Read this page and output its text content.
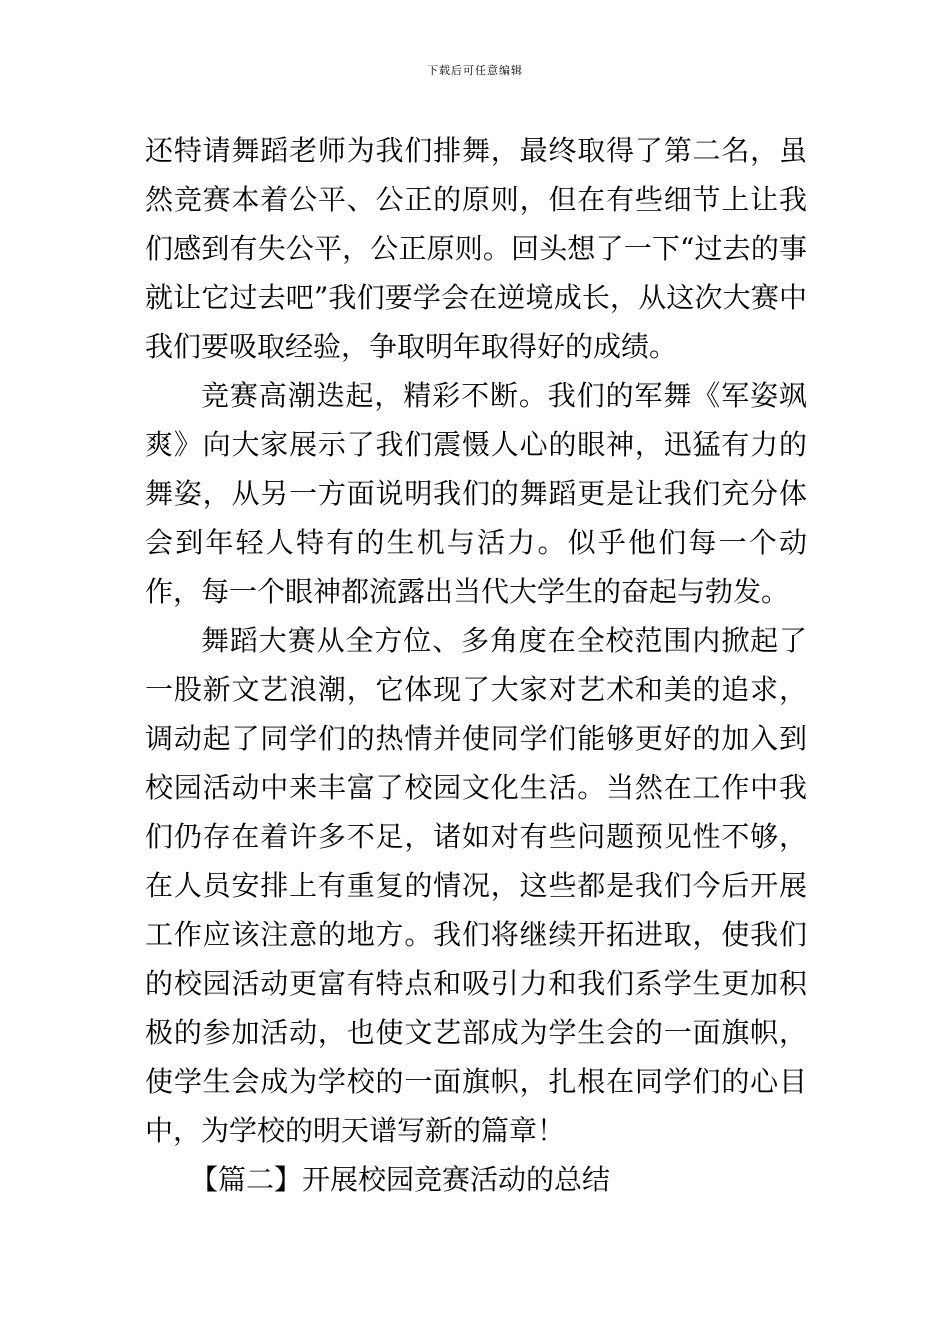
下载后可任意编辑

还特请舞蹈老师为我们排舞，最终取得了第二名，虽然竞赛本着公平、公正的原则，但在有些细节上让我们感到有失公平，公正原则。回头想了一下“过去的事就让它过去吧”我们要学会在逆境成长，从这次大赛中我们要吸取经验，争取明年取得好的成绩。

竞赛高潮迭起，精彩不断。我们的军舞《军姿飒爽》向大家展示了我们震慑人心的眼神，迅猛有力的舞姿，从另一方面说明我们的舞蹈更是让我们充分体会到年轻人特有的生机与活力。似乎他们每一个动作，每一个眼神都流露出当代大学生的奋起与勃发。

舞蹈大赛从全方位、多角度在全校范围内掀起了一股新文艺浪潮，它体现了大家对艺术和美的追求，调动起了同学们的热情并使同学们能够更好的加入到校园活动中来丰富了校园文化生活。当然在工作中我们仍存在着许多不足，诸如对有些问题预见性不够，在人员安排上有重复的情况，这些都是我们今后开展工作应该注意的地方。我们将继续开拓进取，使我们的校园活动更富有特点和吸引力和我们系学生更加积极的参加活动，也使文艺部成为学生会的一面旗帜，使学生会成为学校的一面旗帜，扎根在同学们的心目中，为学校的明天谱写新的篇章！

【篇二】开展校园竞赛活动的总结
